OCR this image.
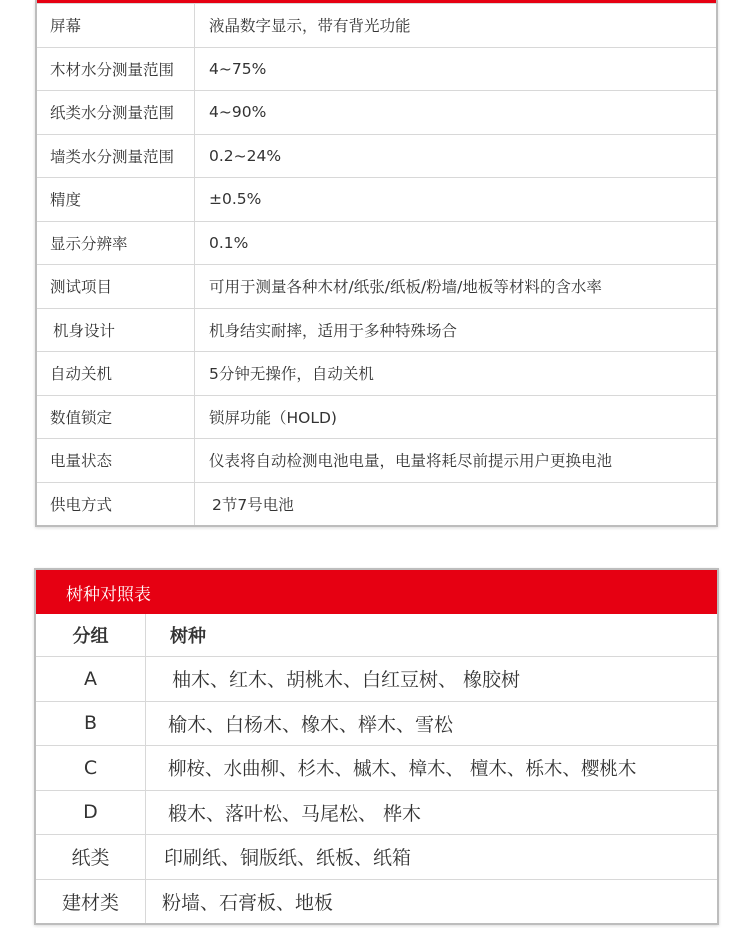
屏幕	液晶数字显示，带有背光功能
木材水分测量范围	4~75%
纸类水分测量范围	4~90%
墙类水分测量范围	0.2~24%
精度	±0.5%
显示分辨率	0.1%
测试项目	可用于测量各种木材/纸张/纸板/粉墙/地板等材料的含水率
机身设计	机身结实耐摔，适用于多种特殊场合
自动关机	5分钟无操作，自动关机
数值锁定	锁屏功能（HOLD)
电量状态	仪表将自动检测电池电量，电量将耗尽前提示用户更换电池
供电方式	2节7号电池
树种对照表
分组	树种
A	柚木、红木、胡桃木、白红豆树、 橡胶树
B	榆木、白杨木、橡木、榉木、雪松
C	柳桉、水曲柳、杉木、槭木、樟木、 檀木、栎木、樱桃木
D	椴木、落叶松、马尾松、 桦木
纸类	印刷纸、铜版纸、纸板、纸箱
建材类	粉墙、石膏板、地板
